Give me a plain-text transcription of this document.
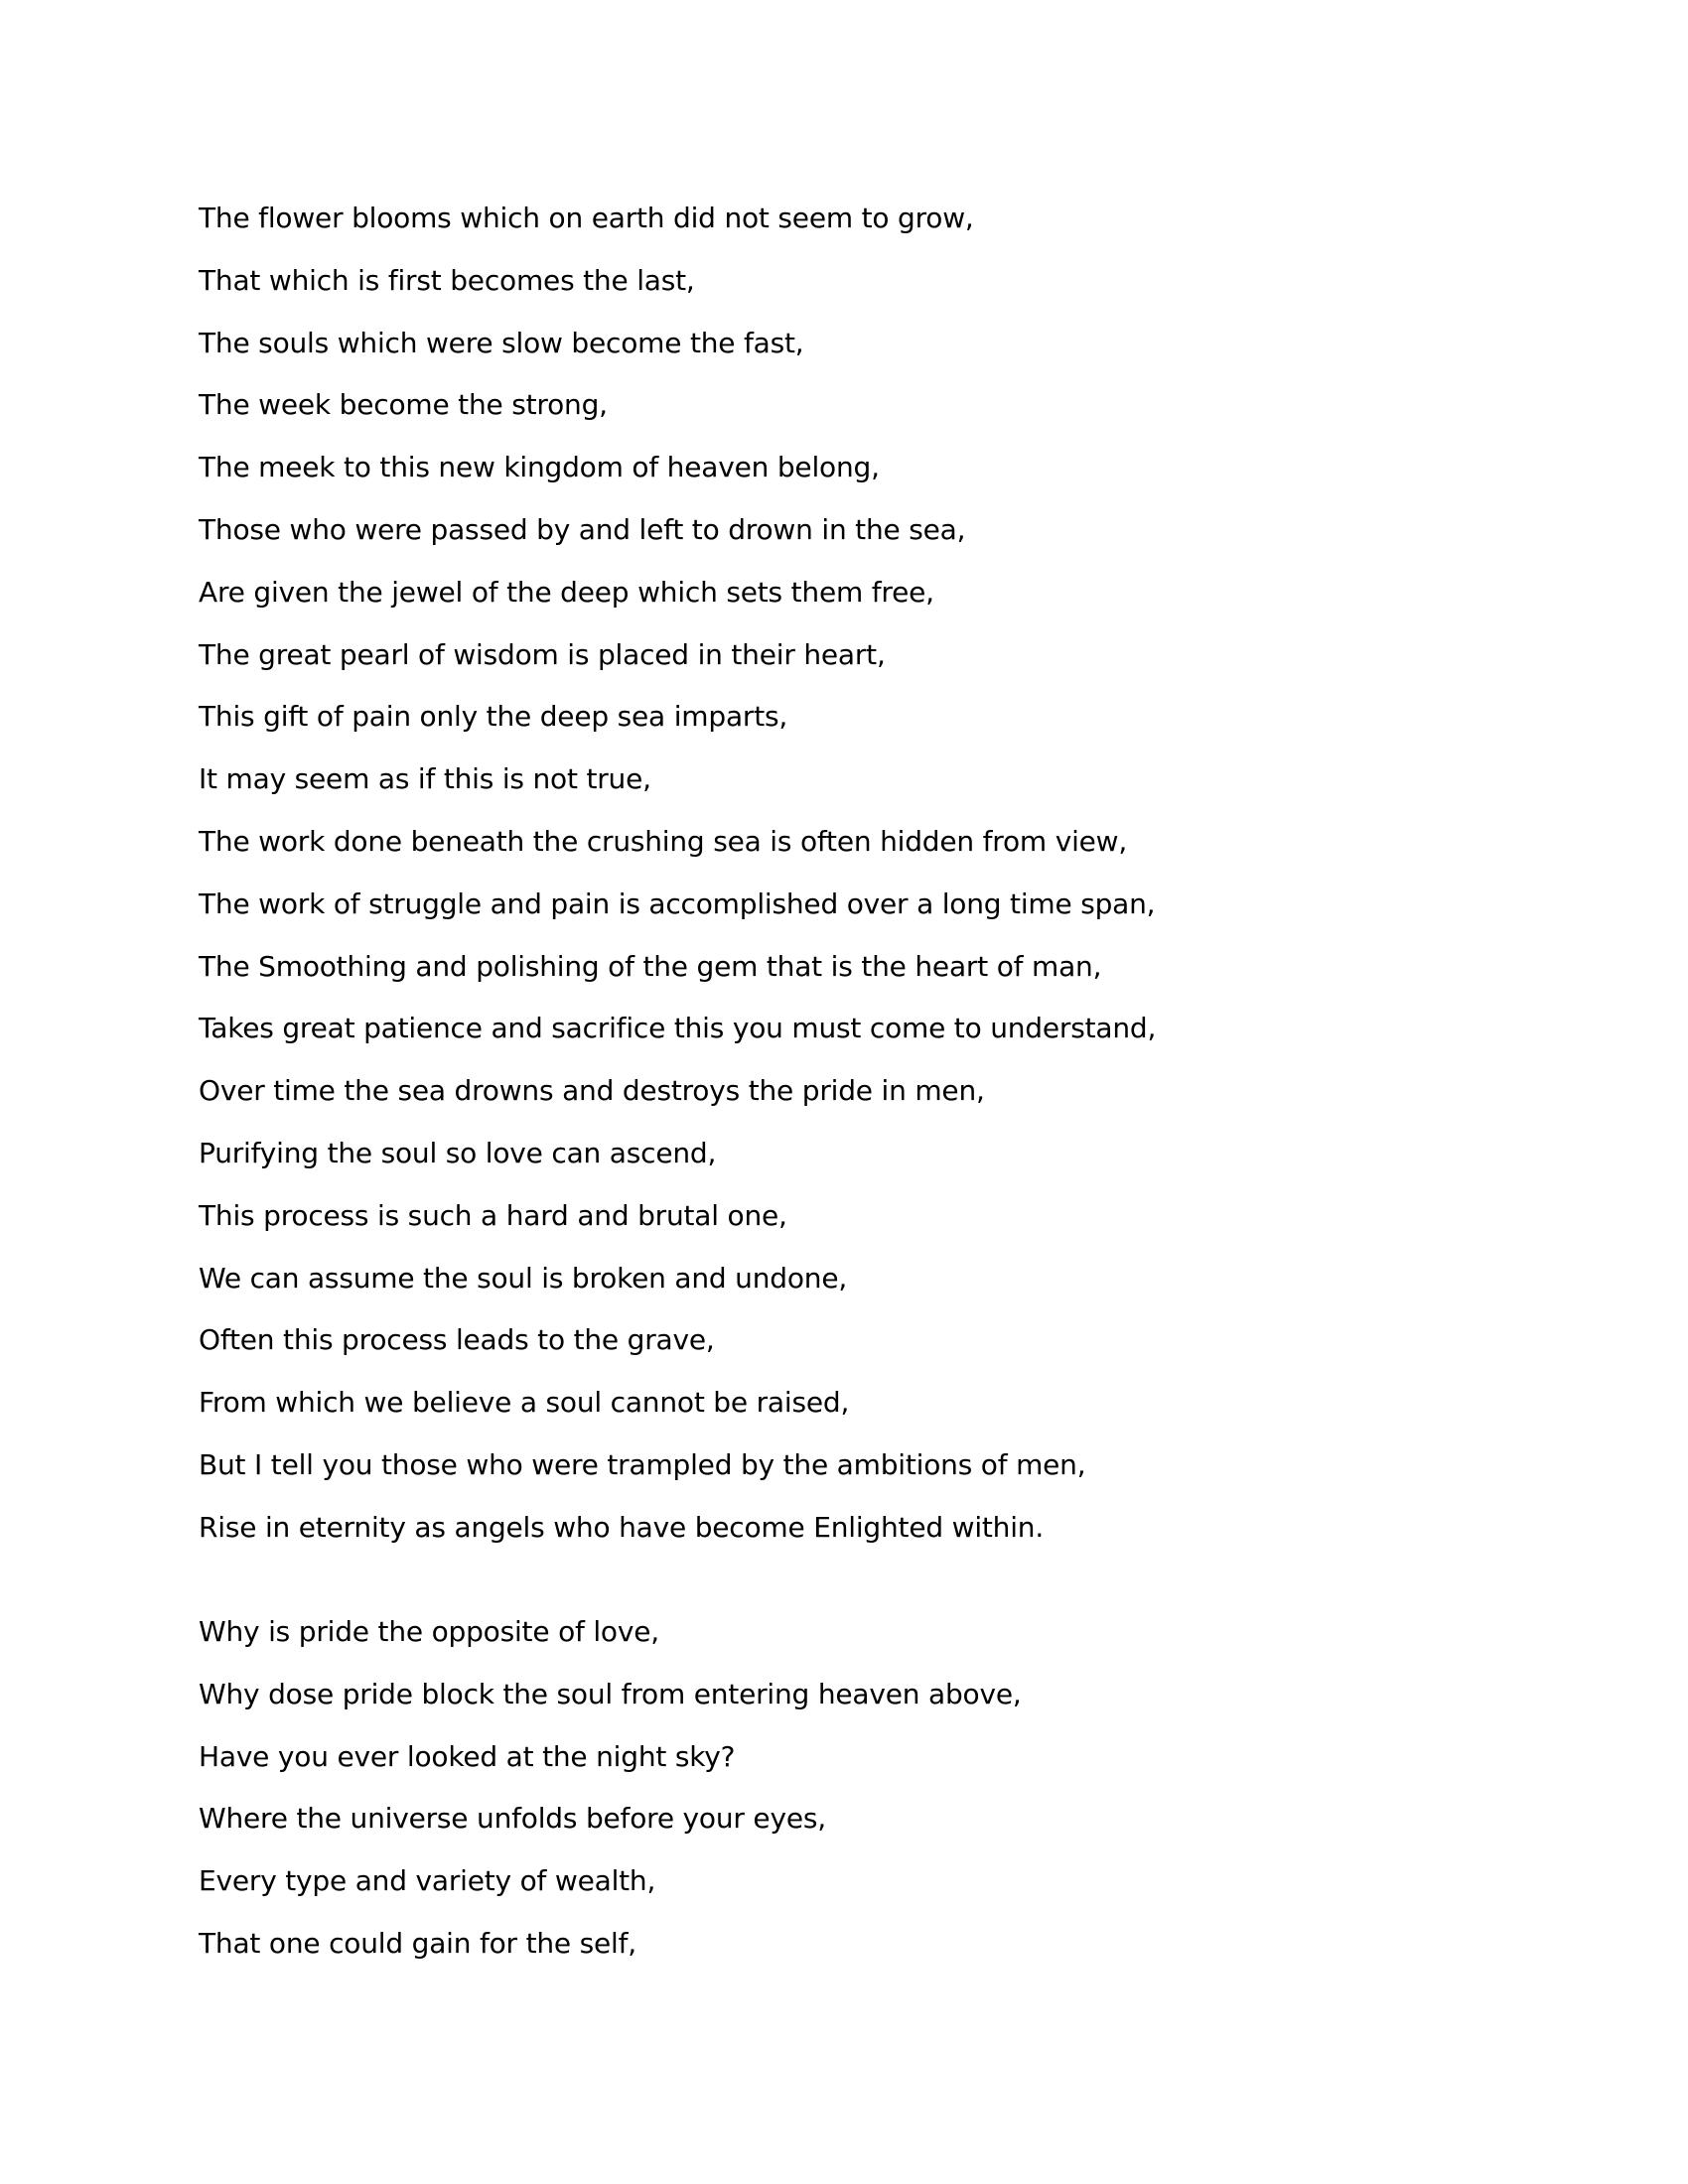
The flower blooms which on earth did not seem to grow,
That which is first becomes the last,
The souls which were slow become the fast,
The week become the strong,
The meek to this new kingdom of heaven belong,
Those who were passed by and left to drown in the sea,
Are given the jewel of the deep which sets them free,
The great pearl of wisdom is placed in their heart,
This gift of pain only the deep sea imparts,
It may seem as if this is not true,
The work done beneath the crushing sea is often hidden from view,
The work of struggle and pain is accomplished over a long time span,
The Smoothing and polishing of the gem that is the heart of man,
Takes great patience and sacrifice this you must come to understand,
Over time the sea drowns and destroys the pride in men,
Purifying the soul so love can ascend,
This process is such a hard and brutal one,
We can assume the soul is broken and undone,
Often this process leads to the grave,
From which we believe a soul cannot be raised,
But I tell you those who were trampled by the ambitions of men,
Rise in eternity as angels who have become Enlighted within.
Why is pride the opposite of love,
Why dose pride block the soul from entering heaven above,
Have you ever looked at the night sky?
Where the universe unfolds before your eyes,
Every type and variety of wealth,
That one could gain for the self,
